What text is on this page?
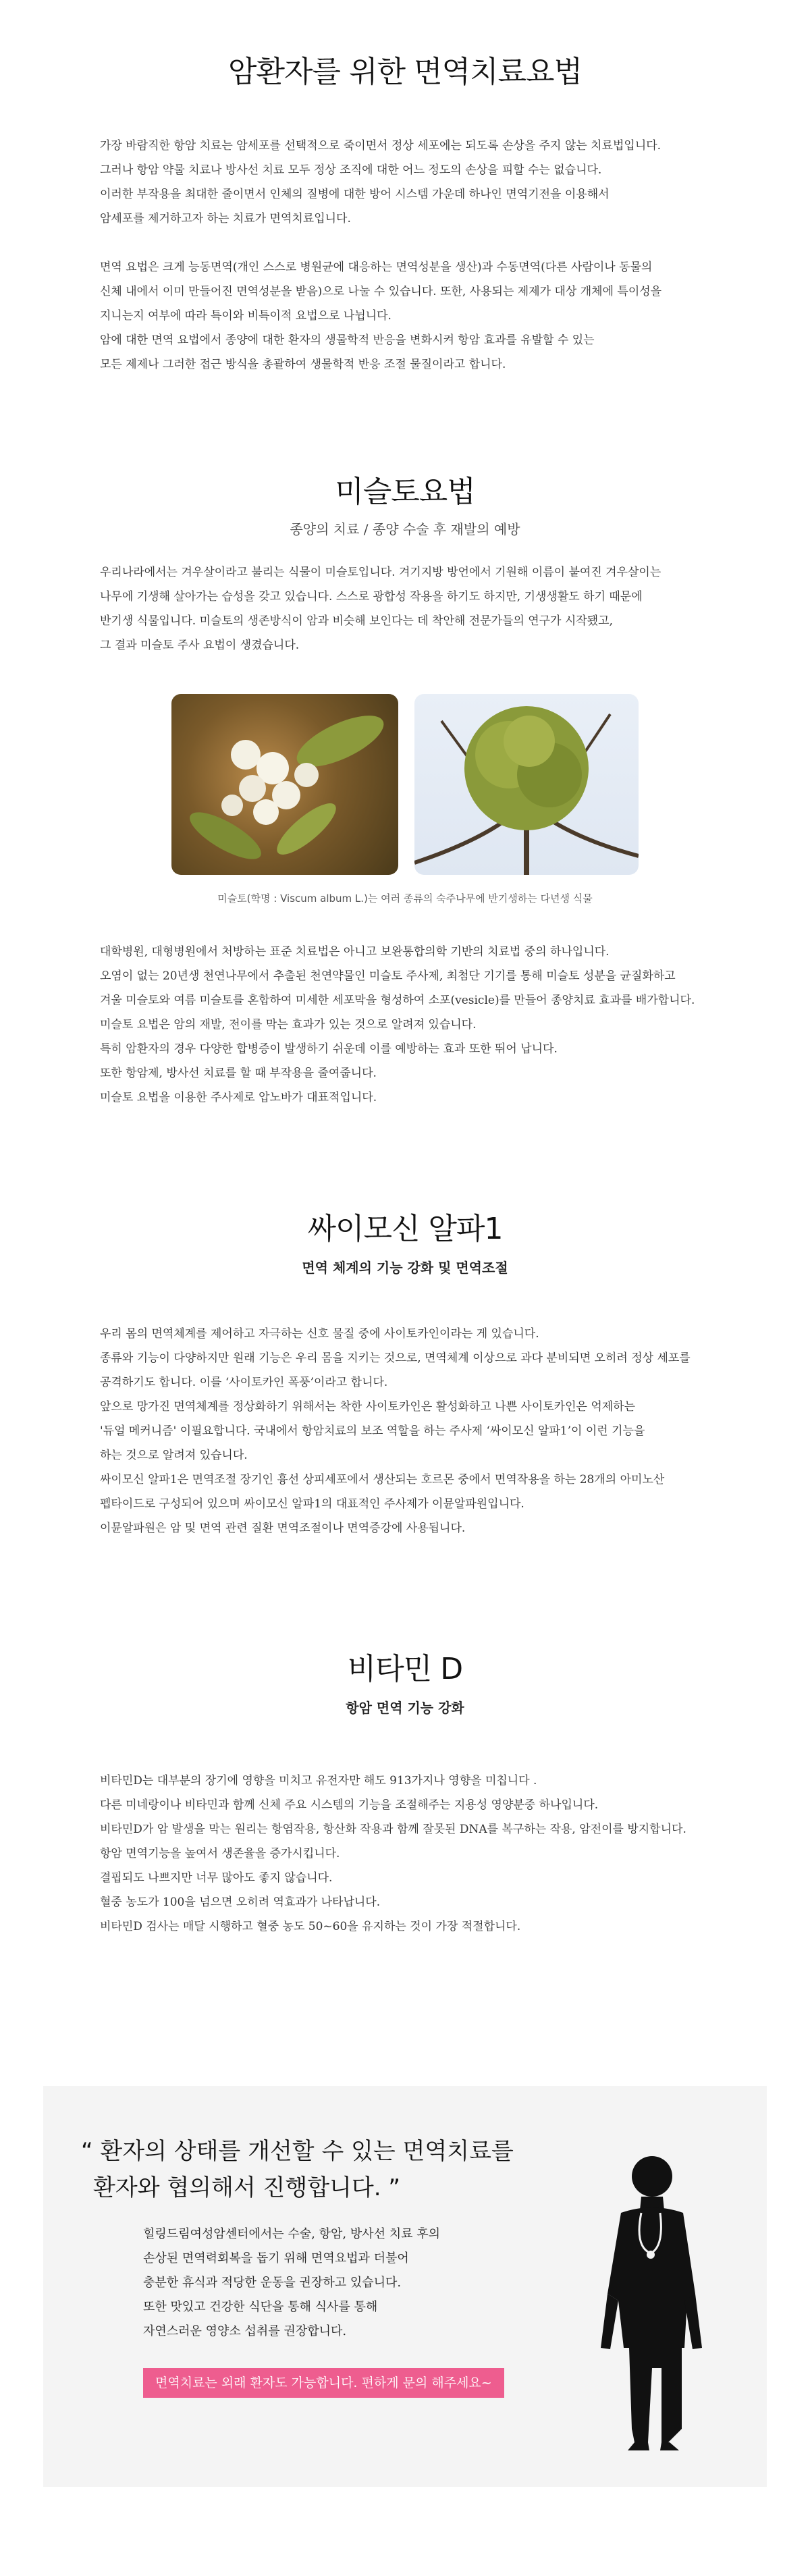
암환자를 위한 면역치료요법

가장 바람직한 항암 치료는 암세포를 선택적으로 죽이면서 정상 세포에는 되도록 손상을 주지 않는 치료법입니다.

그러나 항암 약물 치료나 방사선 치료 모두 정상 조직에 대한 어느 정도의 손상을 피할 수는 없습니다.

이러한 부작용을 최대한 줄이면서 인체의 질병에 대한 방어 시스템 가운데 하나인 면역기전을 이용해서

암세포를 제거하고자 하는 치료가 면역치료입니다.

면역 요법은 크게 능동면역(개인 스스로 병원균에 대응하는 면역성분을 생산)과 수동면역(다른 사람이나 동물의

신체 내에서 이미 만들어진 면역성분을 받음)으로 나눌 수 있습니다. 또한, 사용되는 제제가 대상 개체에 특이성을

지니는지 여부에 따라 특이와 비특이적 요법으로 나뉩니다.

암에 대한 면역 요법에서 종양에 대한 환자의 생물학적 반응을 변화시켜 항암 효과를 유발할 수 있는

모든 제제나 그러한 접근 방식을 총괄하여 생물학적 반응 조절 물질이라고 합니다.

미슬토요법

종양의 치료 / 종양 수술 후 재발의 예방

우리나라에서는 겨우살이라고 불리는 식물이 미슬토입니다. 겨기지방 방언에서 기원해 이름이 붙여진 겨우살이는

나무에 기생해 살아가는 습성을 갖고 있습니다. 스스로 광합성 작용을 하기도 하지만, 기생생활도 하기 때문에

반기생 식물입니다. 미슬토의 생존방식이 암과 비슷해 보인다는 데 착안해 전문가들의 연구가 시작됐고,

그 결과 미슬토 주사 요법이 생겼습니다.

미슬토(학명 : Viscum album L.)는 여러 종류의 숙주나무에 반기생하는 다년생 식물

대학병원, 대형병원에서 처방하는 표준 치료법은 아니고 보완통합의학 기반의 치료법 중의 하나입니다.

오염이 없는 20년생 천연나무에서 추출된 천연약물인 미슬토 주사제, 최첨단 기기를 통해 미슬토 성분을 균질화하고

겨울 미슬토와 여름 미슬토를 혼합하여 미세한 세포막을 형성하여 소포(vesicle)를 만들어 종양치료 효과를 배가합니다.

미슬토 요법은 암의 재발, 전이를 막는 효과가 있는 것으로 알려져 있습니다.

특히 암환자의 경우 다양한 합병증이 발생하기 쉬운데 이를 예방하는 효과 또한 뛰어 납니다.

또한 항암제, 방사선 치료를 할 때 부작용을 줄여줍니다.

미슬토 요법을 이용한 주사제로 압노바가 대표적입니다.

싸이모신 알파1

면역 체계의 기능 강화 및 면역조절

우리 몸의 면역체계를 제어하고 자극하는 신호 물질 중에 사이토카인이라는 게 있습니다.

종류와 기능이 다양하지만 원래 기능은 우리 몸을 지키는 것으로, 면역체계 이상으로 과다 분비되면 오히려 정상 세포를

공격하기도 합니다. 이를 ‘사이토카인 폭풍’이라고 합니다.

앞으로 망가진 면역체계를 정상화하기 위해서는 착한 사이토카인은 활성화하고 나쁜 사이토카인은 억제하는

'듀얼 메커니즘' 이필요합니다. 국내에서 항암치료의 보조 역할을 하는 주사제 ‘싸이모신 알파1’이 이런 기능을

하는 것으로 알려져 있습니다.

싸이모신 알파1은 면역조절 장기인 흉선 상피세포에서 생산되는 호르몬 중에서 면역작용을 하는 28개의 아미노산

펩타이드로 구성되어 있으며 싸이모신 알파1의 대표적인 주사제가 이뮨알파원입니다.

이뮨알파원은 암 및 면역 관련 질환 면역조절이나 면역증강에 사용됩니다.

비타민 D

항암 면역 기능 강화

비타민D는 대부분의 장기에 영향을 미치고 유전자만 해도 913가지나 영향을 미칩니다 .

다른 미네랑이나 비타민과 함께 신체 주요 시스템의 기능을 조절해주는 지용성 영양분중 하나입니다.

비타민D가 암 발생을 막는 원리는 항염작용, 항산화 작용과 함께 잘못된 DNA를 복구하는 작용, 암전이를 방지합니다.

항암 면역기능을 높여서 생존율을 증가시킵니다.

결핍되도 나쁘지만 너무 많아도 좋지 않습니다.

혈중 농도가 100을 넘으면 오히려 역효과가 나타납니다.

비타민D 검사는 매달 시행하고 혈중 농도 50~60을 유지하는 것이 가장 적절합니다.

“ 환자의 상태를 개선할 수 있는 면역치료를

환자와 협의해서 진행합니다. ”

힐링드림여성암센터에서는 수술, 항암, 방사선 치료 후의

손상된 면역력회복을 돕기 위해 면역요법과 더불어

충분한 휴식과 적당한 운동을 권장하고 있습니다.

또한 맛있고 건강한 식단을 통해 식사를 통해

자연스러운 영양소 섭취를 권장합니다.

면역치료는 외래 환자도 가능합니다. 편하게 문의 해주세요~
